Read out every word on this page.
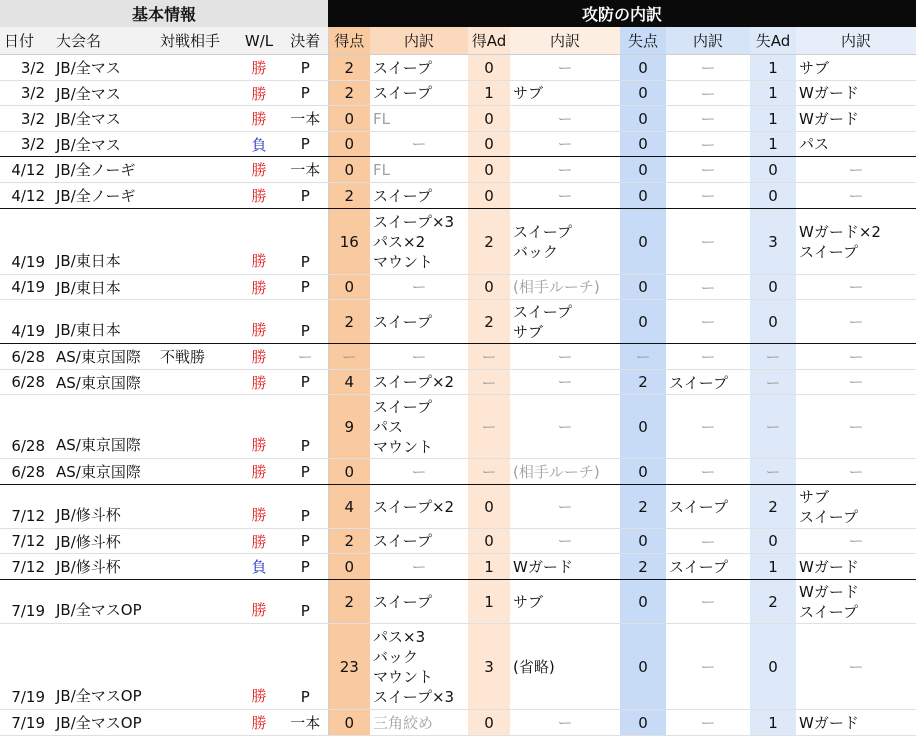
基本情報					攻防の内訳							
日付	大会名	対戦相手	W/L	決着	得点	内訳	得Ad	内訳	失点	内訳	失Ad	内訳
3/2	JB/全マス		勝	P	2	スイープ	0	ー	0	ー	1	サブ
3/2	JB/全マス		勝	P	2	スイープ	1	サブ	0	ー	1	Wガード
3/2	JB/全マス		勝	一本	0	FL	0	ー	0	ー	1	Wガード
3/2	JB/全マス		負	P	0	ー	0	ー	0	ー	1	パス
4/12	JB/全ノーギ		勝	一本	0	FL	0	ー	0	ー	0	ー
4/12	JB/全ノーギ		勝	P	2	スイープ	0	ー	0	ー	0	ー
4/19	JB/東日本		勝	P	16	スイープ×3
パス×2
マウント	2	スイープ
バック	0	ー	3	Wガード×2
スイープ
4/19	JB/東日本		勝	P	0	ー	0	(相手ルーチ)	0	ー	0	ー
4/19	JB/東日本		勝	P	2	スイープ	2	スイープ
サブ	0	ー	0	ー
6/28	AS/東京国際	不戦勝	勝	ー	ー	ー	ー	ー	ー	ー	ー	ー
6/28	AS/東京国際		勝	P	4	スイープ×2	ー	ー	2	スイープ	ー	ー
6/28	AS/東京国際		勝	P	9	スイープ
パス
マウント	ー	ー	0	ー	ー	ー
6/28	AS/東京国際		勝	P	0	ー	ー	(相手ルーチ)	0	ー	ー	ー
7/12	JB/修斗杯		勝	P	4	スイープ×2	0	ー	2	スイープ	2	サブ
スイープ
7/12	JB/修斗杯		勝	P	2	スイープ	0	ー	0	ー	0	ー
7/12	JB/修斗杯		負	P	0	ー	1	Wガード	2	スイープ	1	Wガード
7/19	JB/全マスOP		勝	P	2	スイープ	1	サブ	0	ー	2	Wガード
スイープ
7/19	JB/全マスOP		勝	P	23	パス×3
バック
マウント
スイープ×3	3	(省略)	0	ー	0	ー
7/19	JB/全マスOP		勝	一本	0	三角絞め	0	ー	0	ー	1	Wガード
